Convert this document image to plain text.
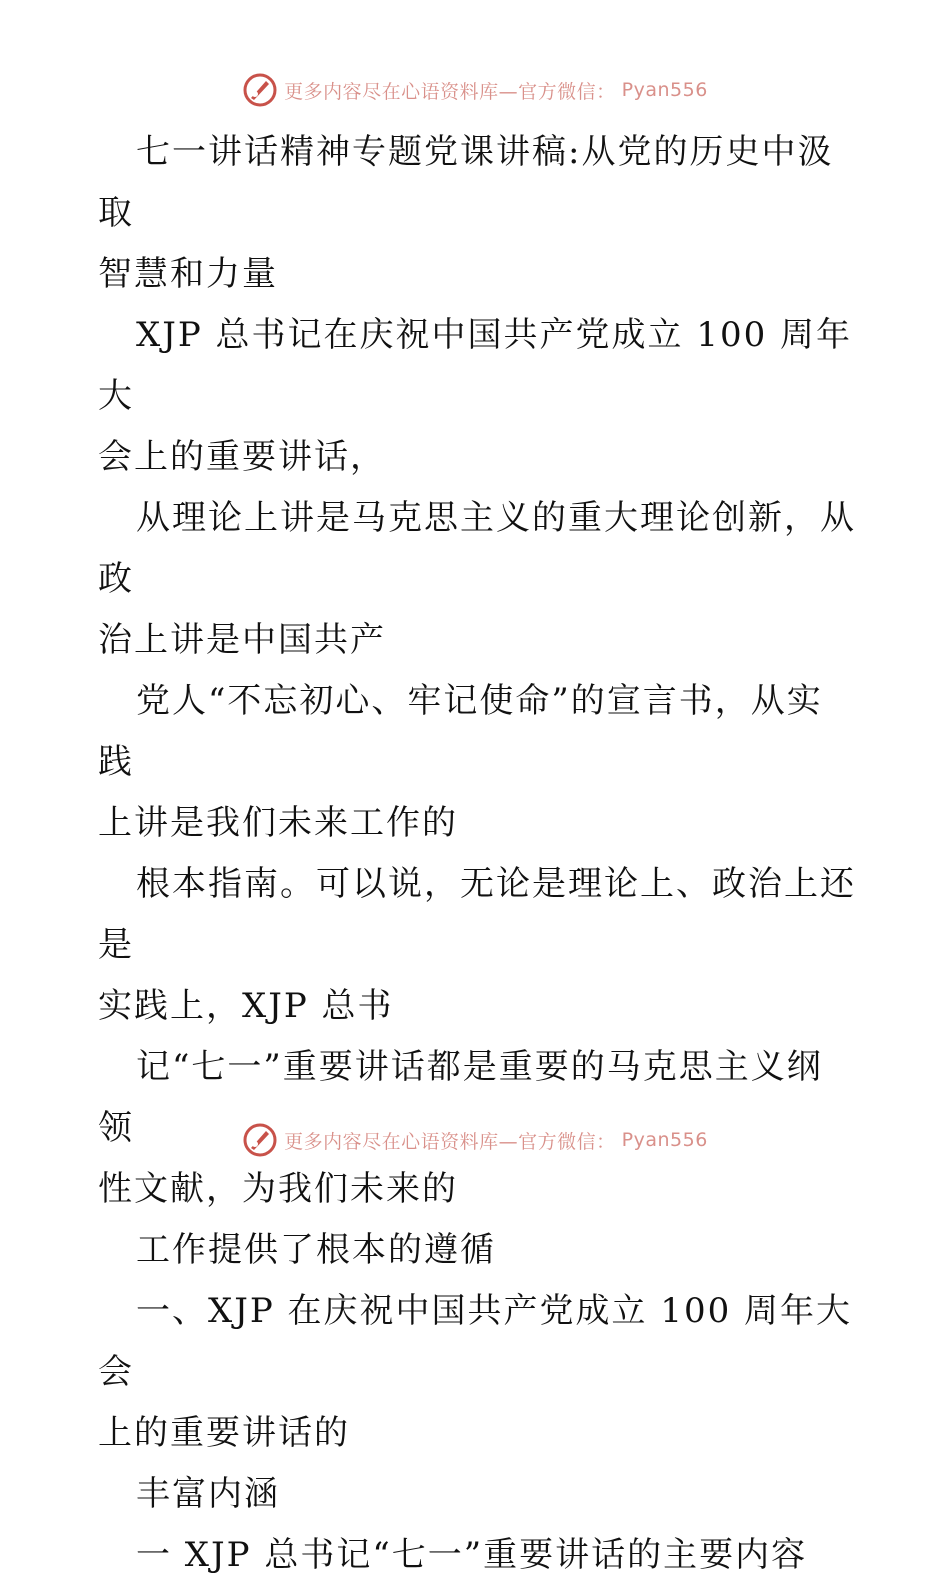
更多内容尽在心语资料库—官方微信： Pyan556

七一讲话精神专题党课讲稿:从党的历史中汲取
智慧和力量

XJP 总书记在庆祝中国共产党成立 100 周年大
会上的重要讲话，

从理论上讲是马克思主义的重大理论创新，从政
治上讲是中国共产

党人“不忘初心、牢记使命”的宣言书，从实践
上讲是我们未来工作的

根本指南。可以说，无论是理论上、政治上还是
实践上，XJP 总书

记“七一”重要讲话都是重要的马克思主义纲领
性文献，为我们未来的

工作提供了根本的遵循

一、XJP 在庆祝中国共产党成立 100 周年大会
上的重要讲话的

丰富内涵

一 XJP 总书记“七一”重要讲话的主要内容

更多内容尽在心语资料库—官方微信： Pyan556
